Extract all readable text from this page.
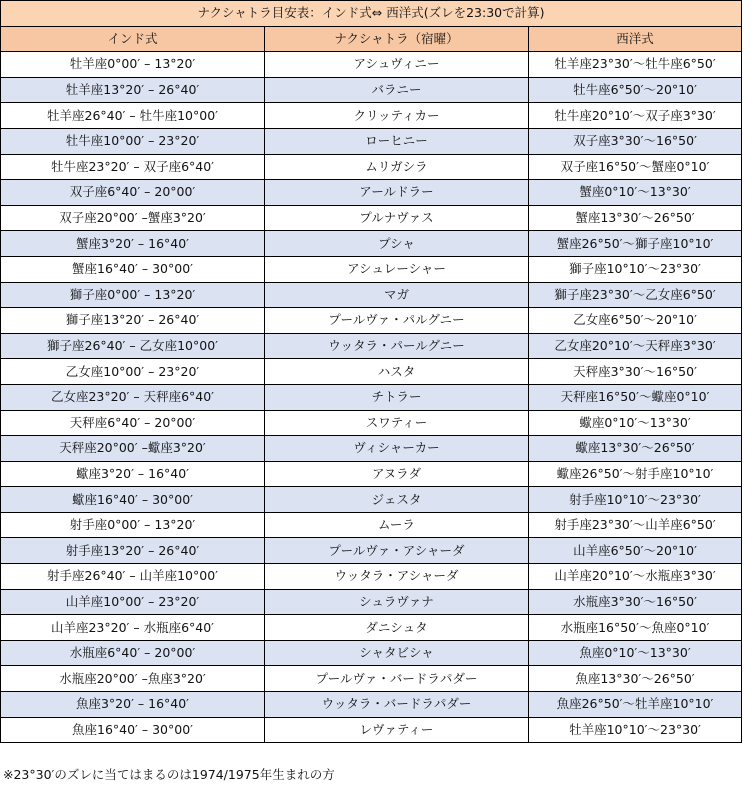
ナクシャトラ目安表：インド式⇔ 西洋式(ズレを23:30で計算)		
インド式	ナクシャトラ（宿曜）	西洋式
牡羊座0°00′ – 13°20′	アシュヴィニー	牡羊座23°30′～牡牛座6°50′
牡羊座13°20′ – 26°40′	バラニー	牡牛座6°50′～20°10′
牡羊座26°40′ – 牡牛座10°00′	クリッティカー	牡牛座20°10′～双子座3°30′
牡牛座10°00′ – 23°20′	ローヒニー	双子座3°30′～16°50′
牡牛座23°20′ – 双子座6°40′	ムリガシラ	双子座16°50′～蟹座0°10′
双子座6°40′ – 20°00′	アールドラー	蟹座0°10′～13°30′
双子座20°00′ –蟹座3°20′	プルナヴァス	蟹座13°30′～26°50′
蟹座3°20′ – 16°40′	プシャ	蟹座26°50′～獅子座10°10′
蟹座16°40′ – 30°00′	アシュレーシャー	獅子座10°10′～23°30′
獅子座0°00′ – 13°20′	マガ	獅子座23°30′～乙女座6°50′
獅子座13°20′ – 26°40′	プールヴァ・パルグニー	乙女座6°50′～20°10′
獅子座26°40′ – 乙女座10°00′	ウッタラ・パールグニー	乙女座20°10′～天秤座3°30′
乙女座10°00′ – 23°20′	ハスタ	天秤座3°30′～16°50′
乙女座23°20′ – 天秤座6°40′	チトラー	天秤座16°50′～蠍座0°10′
天秤座6°40′ – 20°00′	スワティー	蠍座0°10′～13°30′
天秤座20°00′ –蠍座3°20′	ヴィシャーカー	蠍座13°30′～26°50′
蠍座3°20′ – 16°40′	アヌラダ	蠍座26°50′～射手座10°10′
蠍座16°40′ – 30°00′	ジェスタ	射手座10°10′～23°30′
射手座0°00′ – 13°20′	ムーラ	射手座23°30′～山羊座6°50′
射手座13°20′ – 26°40′	プールヴァ・アシャーダ	山羊座6°50′～20°10′
射手座26°40′ – 山羊座10°00′	ウッタラ・アシャーダ	山羊座20°10′～水瓶座3°30′
山羊座10°00′ – 23°20′	シュラヴァナ	水瓶座3°30′～16°50′
山羊座23°20′ – 水瓶座6°40′	ダニシュタ	水瓶座16°50′～魚座0°10′
水瓶座6°40′ – 20°00′	シャタビシャ	魚座0°10′～13°30′
水瓶座20°00′ –魚座3°20′	プールヴァ・バードラパダー	魚座13°30′～26°50′
魚座3°20′ – 16°40′	ウッタラ・バードラパダー	魚座26°50′～牡羊座10°10′
魚座16°40′ – 30°00′	レヴァティー	牡羊座10°10′～23°30′
※23°30′のズレに当てはまるのは1974/1975年生まれの方
